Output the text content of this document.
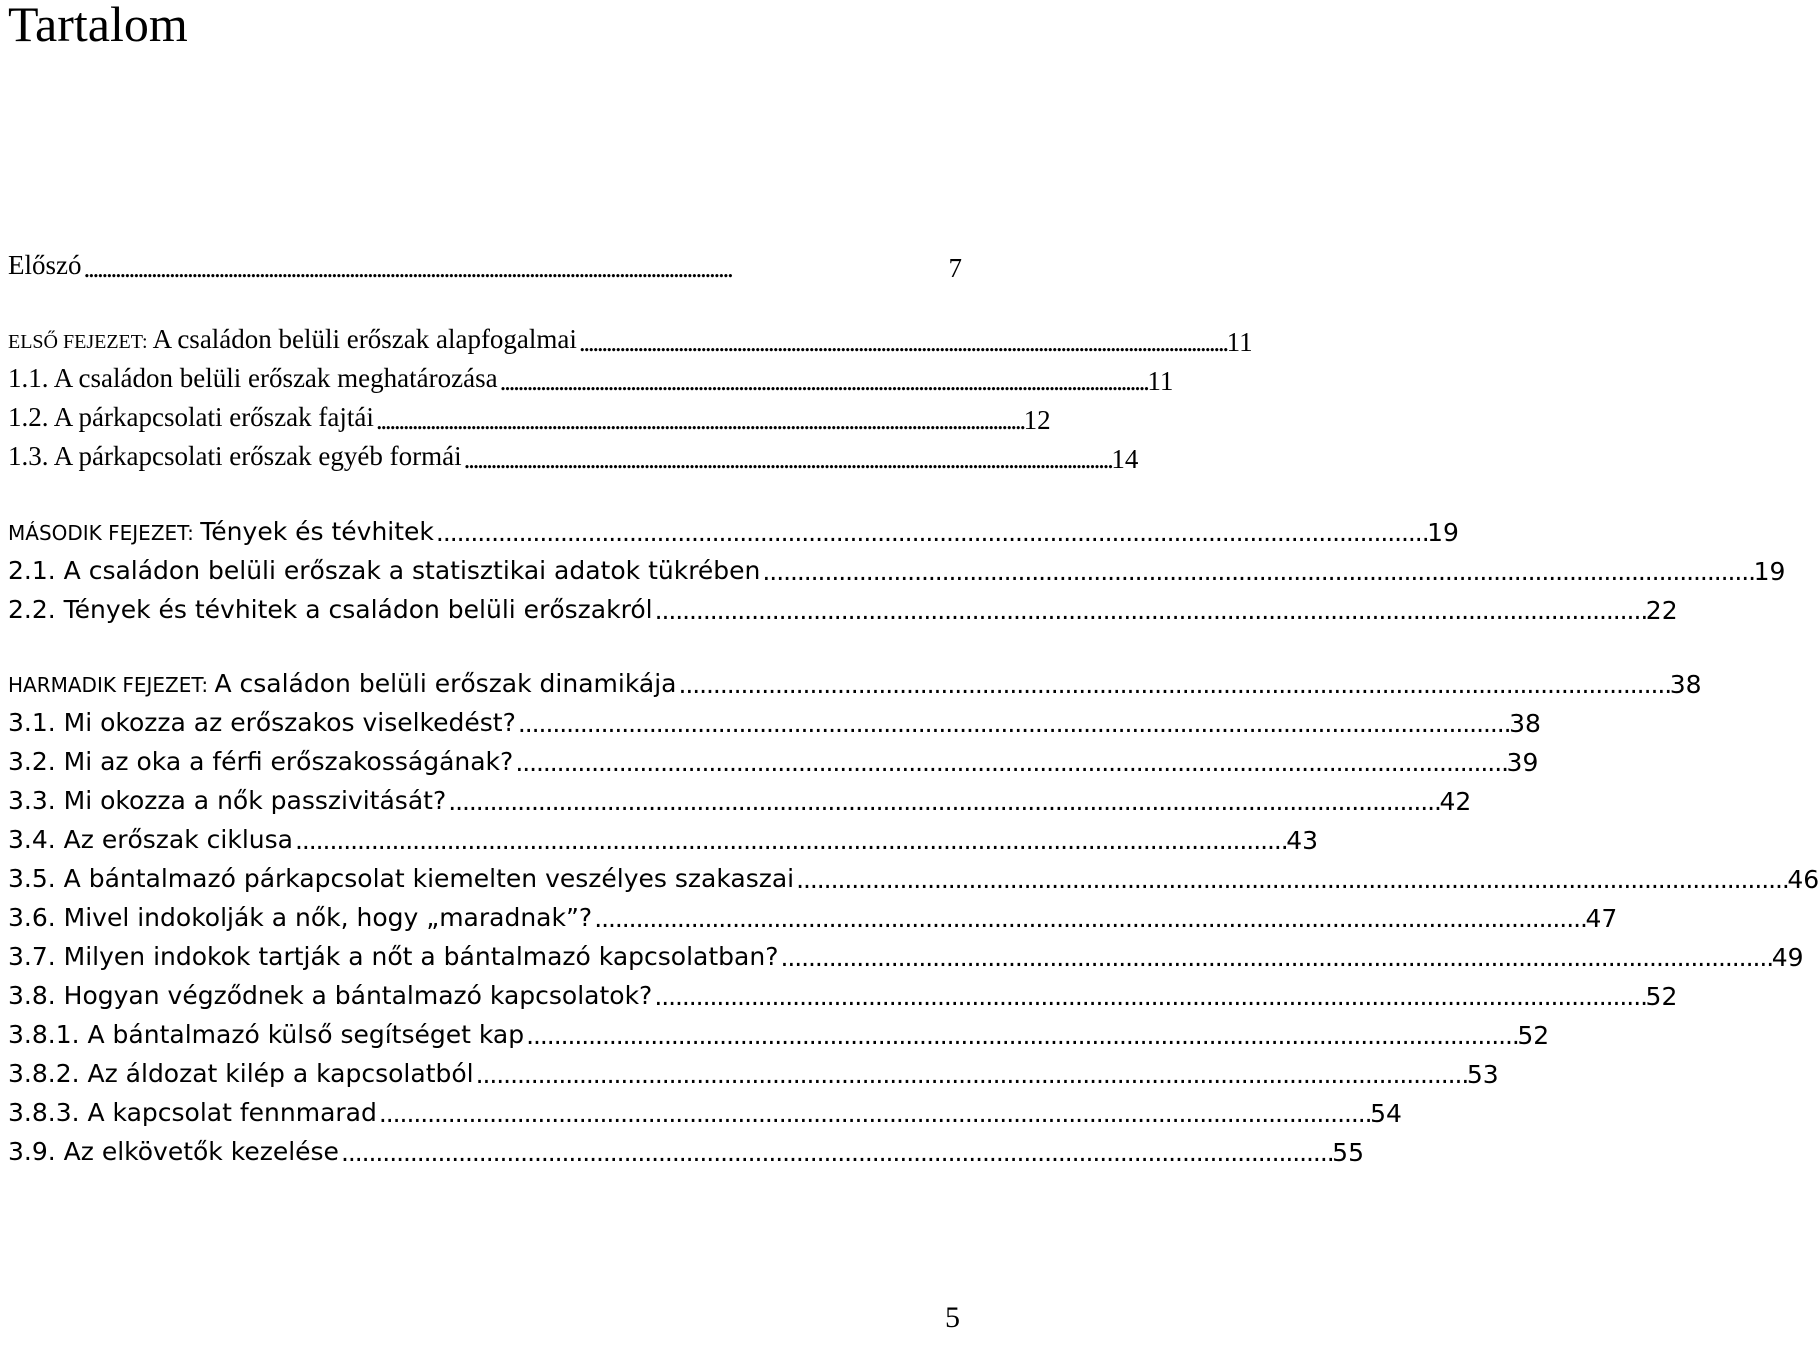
Tartalom
Előszó . . .	7
ELSŐ FEJEZET: A családon belüli erőszak alapfogalmai . . .	11
1.1. A családon belüli erőszak meghatározása . . .	11
1.2. A párkapcsolati erőszak fajtái . . .	12
1.3. A párkapcsolati erőszak egyéb formái . . .	14
MÁSODIK FEJEZET: Tények és tévhitek . . .	19
2.1. A családon belüli erőszak a statisztikai adatok tükrében . . .	19
2.2. Tények és tévhitek a családon belüli erőszakról . . .	22
HARMADIK FEJEZET: A családon belüli erőszak dinamikája . . .	38
3.1. Mi okozza az erőszakos viselkedést? . . .	38
3.2. Mi az oka a férfi erőszakosságának? . . .	39
3.3. Mi okozza a nők passzivitását? . . .	42
3.4. Az erőszak ciklusa . . .	43
3.5. A bántalmazó párkapcsolat kiemelten veszélyes szakaszai . . .	46
3.6. Mivel indokolják a nők, hogy „maradnak”? . . .	47
3.7. Milyen indokok tartják a nőt a bántalmazó kapcsolatban? . . .	49
3.8. Hogyan végződnek a bántalmazó kapcsolatok? . . .	52
3.8.1. A bántalmazó külső segítséget kap . . .	52
3.8.2. Az áldozat kilép a kapcsolatból . . .	53
3.8.3. A kapcsolat fennmarad . . .	54
3.9. Az elkövetők kezelése . . .	55
5
